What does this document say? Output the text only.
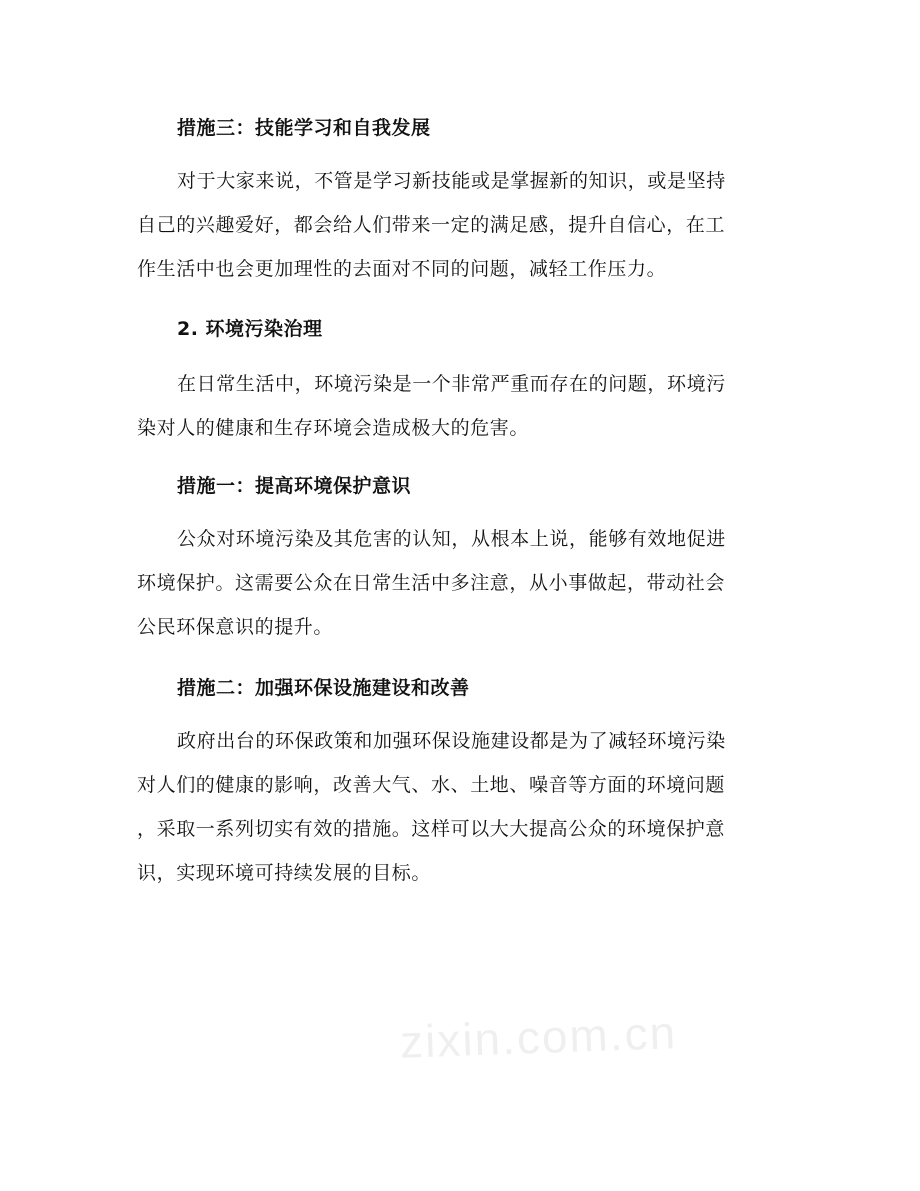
措施三：技能学习和自我发展
对于大家来说，不管是学习新技能或是掌握新的知识，或是坚持
自己的兴趣爱好，都会给人们带来一定的满足感，提升自信心，在工
作生活中也会更加理性的去面对不同的问题，减轻工作压力。
2. 环境污染治理
在日常生活中，环境污染是一个非常严重而存在的问题，环境污
染对人的健康和生存环境会造成极大的危害。
措施一：提高环境保护意识
公众对环境污染及其危害的认知，从根本上说，能够有效地促进
环境保护。这需要公众在日常生活中多注意，从小事做起，带动社会
公民环保意识的提升。
措施二：加强环保设施建设和改善
政府出台的环保政策和加强环保设施建设都是为了减轻环境污染
对人们的健康的影响，改善大气、水、土地、噪音等方面的环境问题
，采取一系列切实有效的措施。这样可以大大提高公众的环境保护意
识，实现环境可持续发展的目标。
zixin.com.cn
